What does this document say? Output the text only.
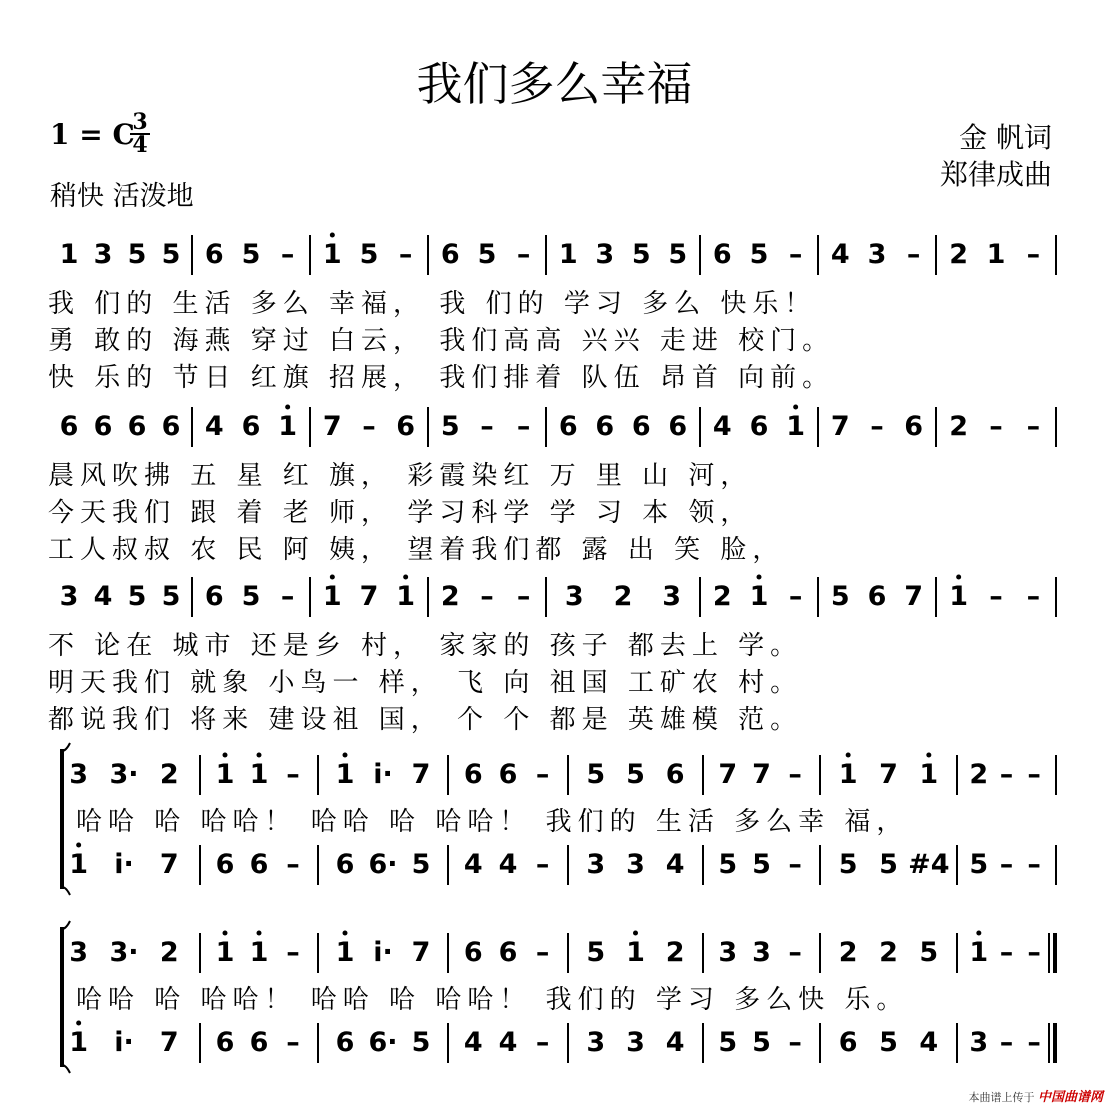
我们多么幸福
1 = C
3
4
稍快 活泼地
金 帆词
郑律成曲
1 3 5 5 6 5 – 1 5 – 6 5 – 1 3 5 5 6 5 – 4 3 – 2 1 –
6 6 6 6 4 6 1 7 – 6 5 – – 6 6 6 6 4 6 1 7 – 6 2 – –
3 4 5 5 6 5 – 1 7 1 2 – – 3 2 3 2 1 – 5 6 7 1 – –
3 3· 2 1 1 – 1 i· 7 6 6 – 5 5 6 7 7 – 1 7 1 2 – –
1 i· 7 6 6 – 6 6· 5 4 4 – 3 3 4 5 5 – 5 5 #4 5 – –
3 3· 2 1 1 – 1 i· 7 6 6 – 5 1 2 3 3 – 2 2 5 1 – –
1 i· 7 6 6 – 6 6· 5 4 4 – 3 3 4 5 5 – 6 5 4 3 – –
我 们的 生活 多么 幸福， 我 们的 学习 多么 快乐！
勇 敢的 海燕 穿过 白云， 我们高高 兴兴 走进 校门。
快 乐的 节日 红旗 招展， 我们排着 队伍 昂首 向前。
晨风吹拂 五 星 红 旗， 彩霞染红 万 里 山 河，
今天我们 跟 着 老 师， 学习科学 学 习 本 领，
工人叔叔 农 民 阿 姨， 望着我们都 露 出 笑 脸，
不 论在 城市 还是乡 村， 家家的 孩子 都去上 学。
明天我们 就象 小鸟一 样， 飞 向 祖国 工矿农 村。
都说我们 将来 建设祖 国， 个 个 都是 英雄模 范。
哈哈 哈 哈哈！ 哈哈 哈 哈哈！ 我们的 生活 多么幸 福，
哈哈 哈 哈哈！ 哈哈 哈 哈哈！ 我们的 学习 多么快 乐。
本曲谱上传于 中国曲谱网
